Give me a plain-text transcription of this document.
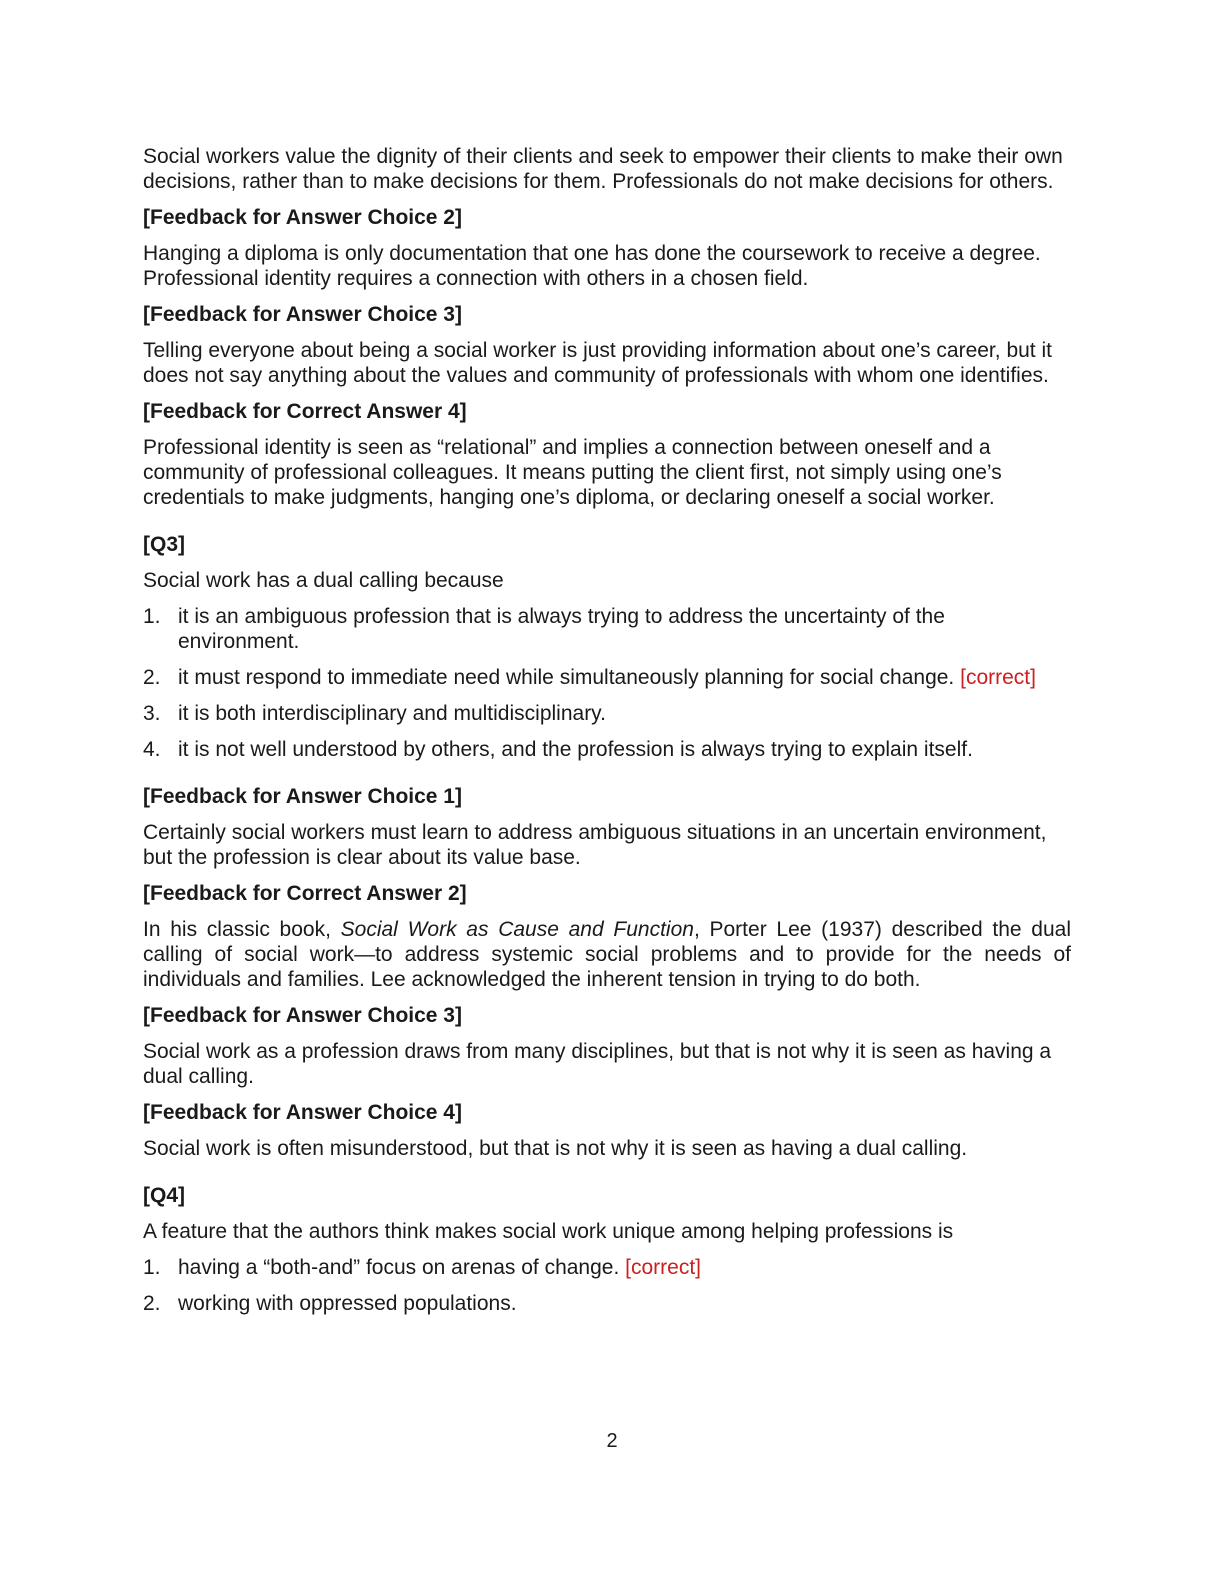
Social workers value the dignity of their clients and seek to empower their clients to make their own decisions, rather than to make decisions for them. Professionals do not make decisions for others.

[Feedback for Answer Choice 2]

Hanging a diploma is only documentation that one has done the coursework to receive a degree. Professional identity requires a connection with others in a chosen field.

[Feedback for Answer Choice 3]

Telling everyone about being a social worker is just providing information about one’s career, but it does not say anything about the values and community of professionals with whom one identifies.

[Feedback for Correct Answer 4]

Professional identity is seen as “relational” and implies a connection between oneself and a community of professional colleagues. It means putting the client first, not simply using one’s credentials to make judgments, hanging one’s diploma, or declaring oneself a social worker.

[Q3]

Social work has a dual calling because

1. it is an ambiguous profession that is always trying to address the uncertainty of the environment.
2. it must respond to immediate need while simultaneously planning for social change. [correct]
3. it is both interdisciplinary and multidisciplinary.
4. it is not well understood by others, and the profession is always trying to explain itself.
[Feedback for Answer Choice 1]

Certainly social workers must learn to address ambiguous situations in an uncertain environment, but the profession is clear about its value base.

[Feedback for Correct Answer 2]

In his classic book, Social Work as Cause and Function, Porter Lee (1937) described the dual calling of social work—to address systemic social problems and to provide for the needs of individuals and families. Lee acknowledged the inherent tension in trying to do both.

[Feedback for Answer Choice 3]

Social work as a profession draws from many disciplines, but that is not why it is seen as having a dual calling.

[Feedback for Answer Choice 4]

Social work is often misunderstood, but that is not why it is seen as having a dual calling.

[Q4]

A feature that the authors think makes social work unique among helping professions is

1. having a “both-and” focus on arenas of change. [correct]
2. working with oppressed populations.
2
